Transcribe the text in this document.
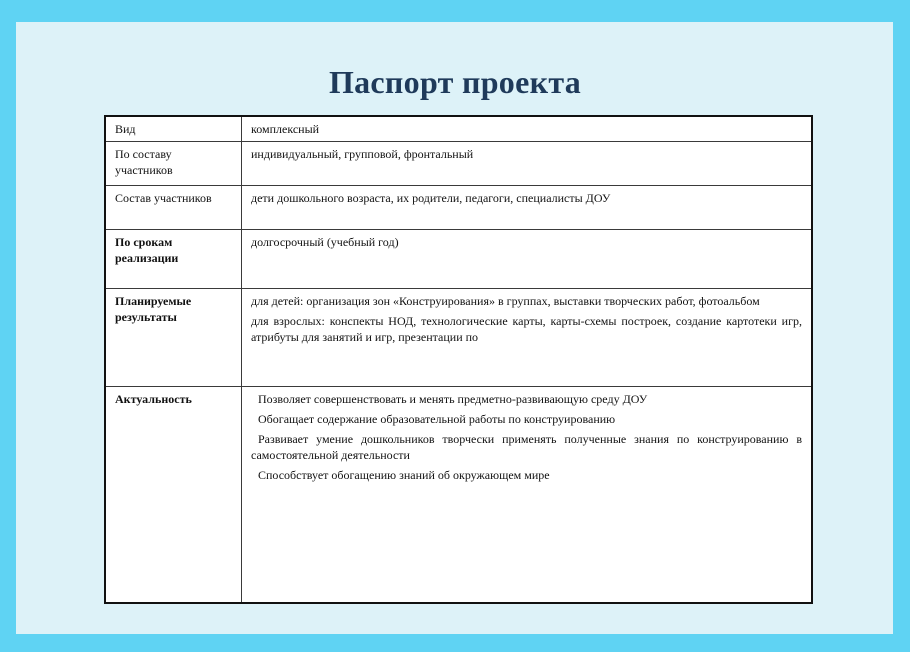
Паспорт проекта
Вид	комплексный
По составу участников	индивидуальный, групповой, фронтальный
Состав участников	дети дошкольного возраста, их родители, педагоги, специалисты ДОУ
По срокам реализации	долгосрочный (учебный год)
Планируемые результаты	для детей: организация зон «Конструирования» в группах, выставки творческих работ, фотоальбом

для взрослых: конспекты НОД, технологические карты, карты-схемы построек, создание картотеки игр, атрибуты для занятий и игр, презентации по

Актуальность	Позволяет совершенствовать и менять предметно-развивающую среду ДОУ

Обогащает содержание образовательной работы по конструированию

Развивает умение дошкольников творчески применять полученные знания по конструированию в самостоятельной деятельности

Способствует обогащению знаний об окружающем мире
